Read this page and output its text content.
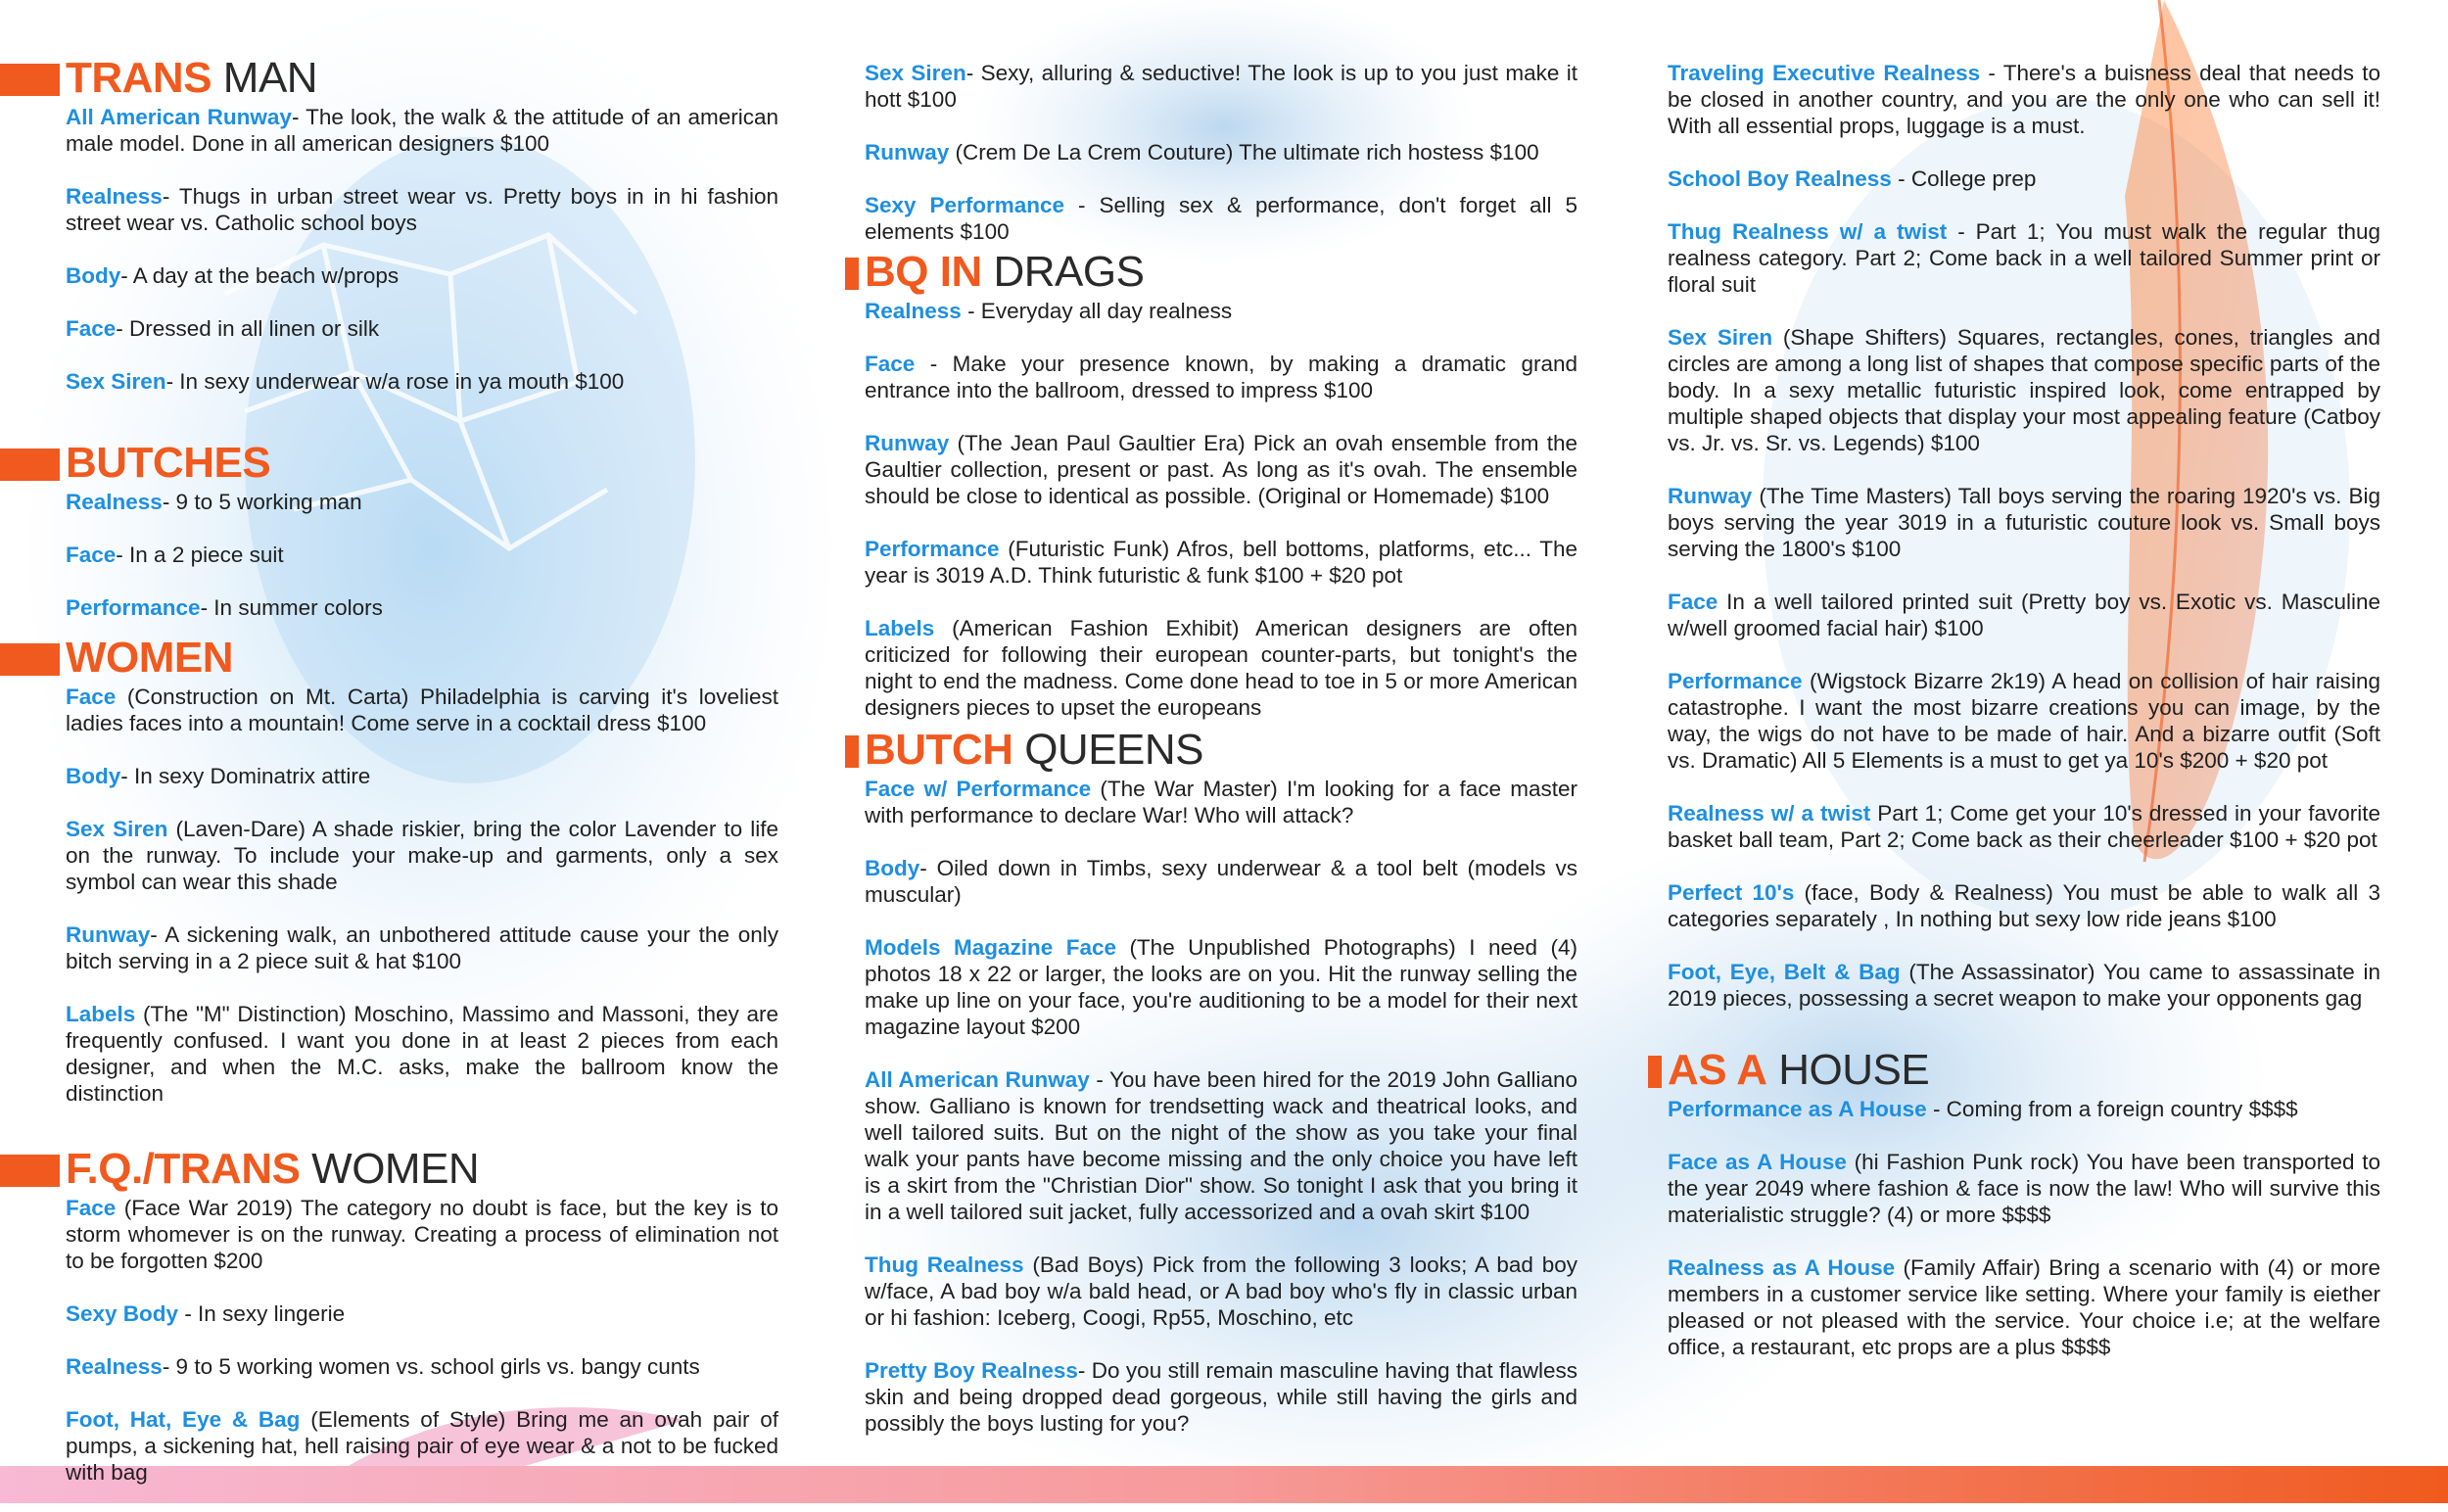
TRANS MAN

All American Runway- The look, the walk & the attitude of an american male model. Done in all american designers $100

Realness- Thugs in urban street wear vs. Pretty boys in in hi fashion street wear vs. Catholic school boys

Body- A day at the beach w/props

Face- Dressed in all linen or silk

Sex Siren- In sexy underwear w/a rose in ya mouth $100

BUTCHES

Realness- 9 to 5 working man

Face- In a 2 piece suit

Performance- In summer colors

WOMEN

Face (Construction on Mt. Carta) Philadelphia is carving it's loveliest ladies faces into a mountain! Come serve in a cocktail dress $100

Body- In sexy Dominatrix attire

Sex Siren (Laven-Dare) A shade riskier, bring the color Lavender to life on the runway. To include your make-up and garments, only a sex symbol can wear this shade

Runway- A sickening walk, an unbothered attitude cause your the only bitch serving in a 2 piece suit & hat $100

Labels (The "M" Distinction) Moschino, Massimo and Massoni, they are frequently confused. I want you done in at least 2 pieces from each designer, and when the M.C. asks, make the ballroom know the distinction

F.Q./TRANS WOMEN

Face (Face War 2019) The category no doubt is face, but the key is to storm whomever is on the runway. Creating a process of elimination not to be forgotten $200

Sexy Body - In sexy lingerie

Realness- 9 to 5 working women vs. school girls vs. bangy cunts

Foot, Hat, Eye & Bag (Elements of Style) Bring me an ovah pair of pumps, a sickening hat, hell raising pair of eye wear & a not to be fucked with bag

Sex Siren- Sexy, alluring & seductive! The look is up to you just make it hott $100

Runway (Crem De La Crem Couture) The ultimate rich hostess $100

Sexy Performance - Selling sex & performance, don't forget all 5 elements $100

BQ IN DRAGS

Realness - Everyday all day realness

Face - Make your presence known, by making a dramatic grand entrance into the ballroom, dressed to impress $100

Runway (The Jean Paul Gaultier Era) Pick an ovah ensemble from the Gaultier collection, present or past. As long as it's ovah. The ensemble should be close to identical as possible. (Original or Homemade) $100

Performance (Futuristic Funk) Afros, bell bottoms, platforms, etc... The year is 3019 A.D. Think futuristic & funk $100 + $20 pot

Labels (American Fashion Exhibit) American designers are often criticized for following their european counter-parts, but tonight's the night to end the madness. Come done head to toe in 5 or more American designers pieces to upset the europeans

BUTCH QUEENS

Face w/ Performance (The War Master) I'm looking for a face master with performance to declare War! Who will attack?

Body- Oiled down in Timbs, sexy underwear & a tool belt (models vs muscular)

Models Magazine Face (The Unpublished Photographs) I need (4) photos 18 x 22 or larger, the looks are on you. Hit the runway selling the make up line on your face, you're auditioning to be a model for their next magazine layout $200

All American Runway - You have been hired for the 2019 John Galliano show. Galliano is known for trendsetting wack and theatrical looks, and well tailored suits. But on the night of the show as you take your final walk your pants have become missing and the only choice you have left is a skirt from the "Christian Dior" show. So tonight I ask that you bring it in a well tailored suit jacket, fully accessorized and a ovah skirt $100

Thug Realness (Bad Boys) Pick from the following 3 looks; A bad boy w/face, A bad boy w/a bald head, or A bad boy who's fly in classic urban or hi fashion: Iceberg, Coogi, Rp55, Moschino, etc

Pretty Boy Realness- Do you still remain masculine having that flawless skin and being dropped dead gorgeous, while still having the girls and possibly the boys lusting for you?

Traveling Executive Realness - There's a buisness deal that needs to be closed in another country, and you are the only one who can sell it! With all essential props, luggage is a must.

School Boy Realness - College prep

Thug Realness w/ a twist - Part 1; You must walk the regular thug realness category. Part 2; Come back in a well tailored Summer print or floral suit

Sex Siren (Shape Shifters) Squares, rectangles, cones, triangles and circles are among a long list of shapes that compose specific parts of the body. In a sexy metallic futuristic inspired look, come entrapped by multiple shaped objects that display your most appealing feature (Catboy vs. Jr. vs. Sr. vs. Legends) $100

Runway (The Time Masters) Tall boys serving the roaring 1920's vs. Big boys serving the year 3019 in a futuristic couture look vs. Small boys serving the 1800's $100

Face In a well tailored printed suit (Pretty boy vs. Exotic vs. Masculine w/well groomed facial hair) $100

Performance (Wigstock Bizarre 2k19) A head on collision of hair raising catastrophe. I want the most bizarre creations you can image, by the way, the wigs do not have to be made of hair. And a bizarre outfit (Soft vs. Dramatic) All 5 Elements is a must to get ya 10's $200 + $20 pot

Realness w/ a twist Part 1; Come get your 10's dressed in your favorite basket ball team, Part 2; Come back as their cheerleader $100 + $20 pot

Perfect 10's (face, Body & Realness) You must be able to walk all 3 categories separately , In nothing but sexy low ride jeans $100

Foot, Eye, Belt & Bag (The Assassinator) You came to assassinate in 2019 pieces, possessing a secret weapon to make your opponents gag

AS A HOUSE

Performance as A House - Coming from a foreign country $$$$

Face as A House (hi Fashion Punk rock) You have been transported to the year 2049 where fashion & face is now the law! Who will survive this materialistic struggle? (4) or more $$$$

Realness as A House (Family Affair) Bring a scenario with (4) or more members in a customer service like setting. Where your family is eiether pleased or not pleased with the service. Your choice i.e; at the welfare office, a restaurant, etc props are a plus $$$$
